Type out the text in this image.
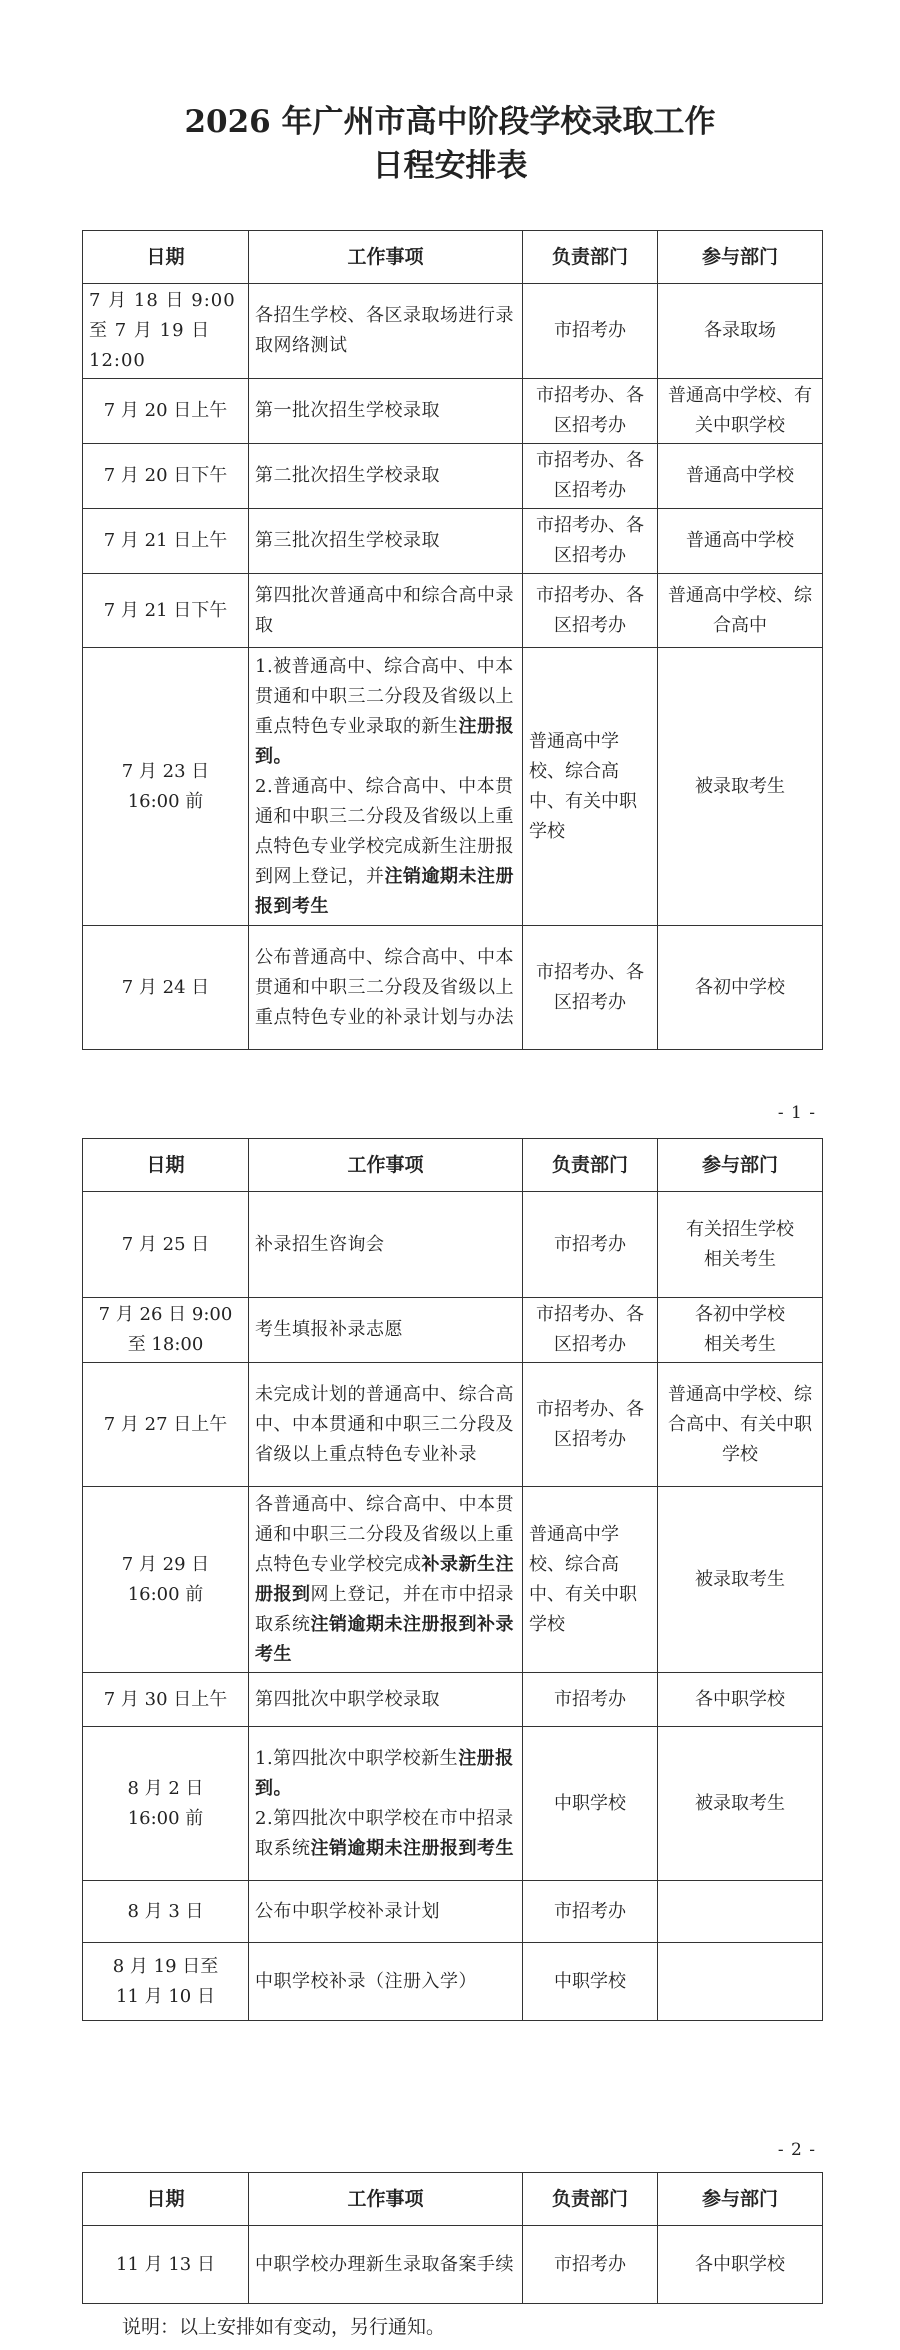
2026 年广州市高中阶段学校录取工作
日程安排表
日期	工作事项	负责部门	参与部门
7 月 18 日 9:00 至 7 月 19 日 12:00	各招生学校、各区录取场进行录取网络测试	市招考办	各录取场
7 月 20 日上午	第一批次招生学校录取	市招考办、各区招考办	普通高中学校、有关中职学校
7 月 20 日下午	第二批次招生学校录取	市招考办、各区招考办	普通高中学校
7 月 21 日上午	第三批次招生学校录取	市招考办、各区招考办	普通高中学校
7 月 21 日下午	第四批次普通高中和综合高中录取	市招考办、各区招考办	普通高中学校、综合高中

7 月 23 日
16:00 前	1.被普通高中、综合高中、中本贯通和中职三二分段及省级以上重点特色专业录取的新生注册报到。
2.普通高中、综合高中、中本贯通和中职三二分段及省级以上重点特色专业学校完成新生注册报到网上登记，并注销逾期未注册报到考生	普通高中学校、综合高中、有关中职学校	被录取考生
7 月 24 日	公布普通高中、综合高中、中本贯通和中职三二分段及省级以上重点特色专业的补录计划与办法	市招考办、各区招考办	各初中学校
- 1 -
日期	工作事项	负责部门	参与部门
7 月 25 日	补录招生咨询会	市招考办	有关招生学校
相关考生

7 月 26 日 9:00
至 18:00	考生填报补录志愿	市招考办、各区招考办	各初中学校
相关考生

7 月 27 日上午	未完成计划的普通高中、综合高中、中本贯通和中职三二分段及省级以上重点特色专业补录	市招考办、各区招考办	普通高中学校、综合高中、有关中职学校

7 月 29 日
16:00 前	各普通高中、综合高中、中本贯通和中职三二分段及省级以上重点特色专业学校完成补录新生注册报到网上登记，并在市中招录取系统注销逾期未注册报到补录考生	普通高中学校、综合高中、有关中职学校	被录取考生
7 月 30 日上午	第四批次中职学校录取	市招考办	各中职学校

8 月 2 日
16:00 前	1.第四批次中职学校新生注册报到。
2.第四批次中职学校在市中招录取系统注销逾期未注册报到考生	中职学校	被录取考生
8 月 3 日	公布中职学校补录计划	市招考办	

8 月 19 日至
11 月 10 日	中职学校补录（注册入学）	中职学校	
- 2 -
日期	工作事项	负责部门	参与部门
11 月 13 日	中职学校办理新生录取备案手续	市招考办	各中职学校
说明：以上安排如有变动，另行通知。
